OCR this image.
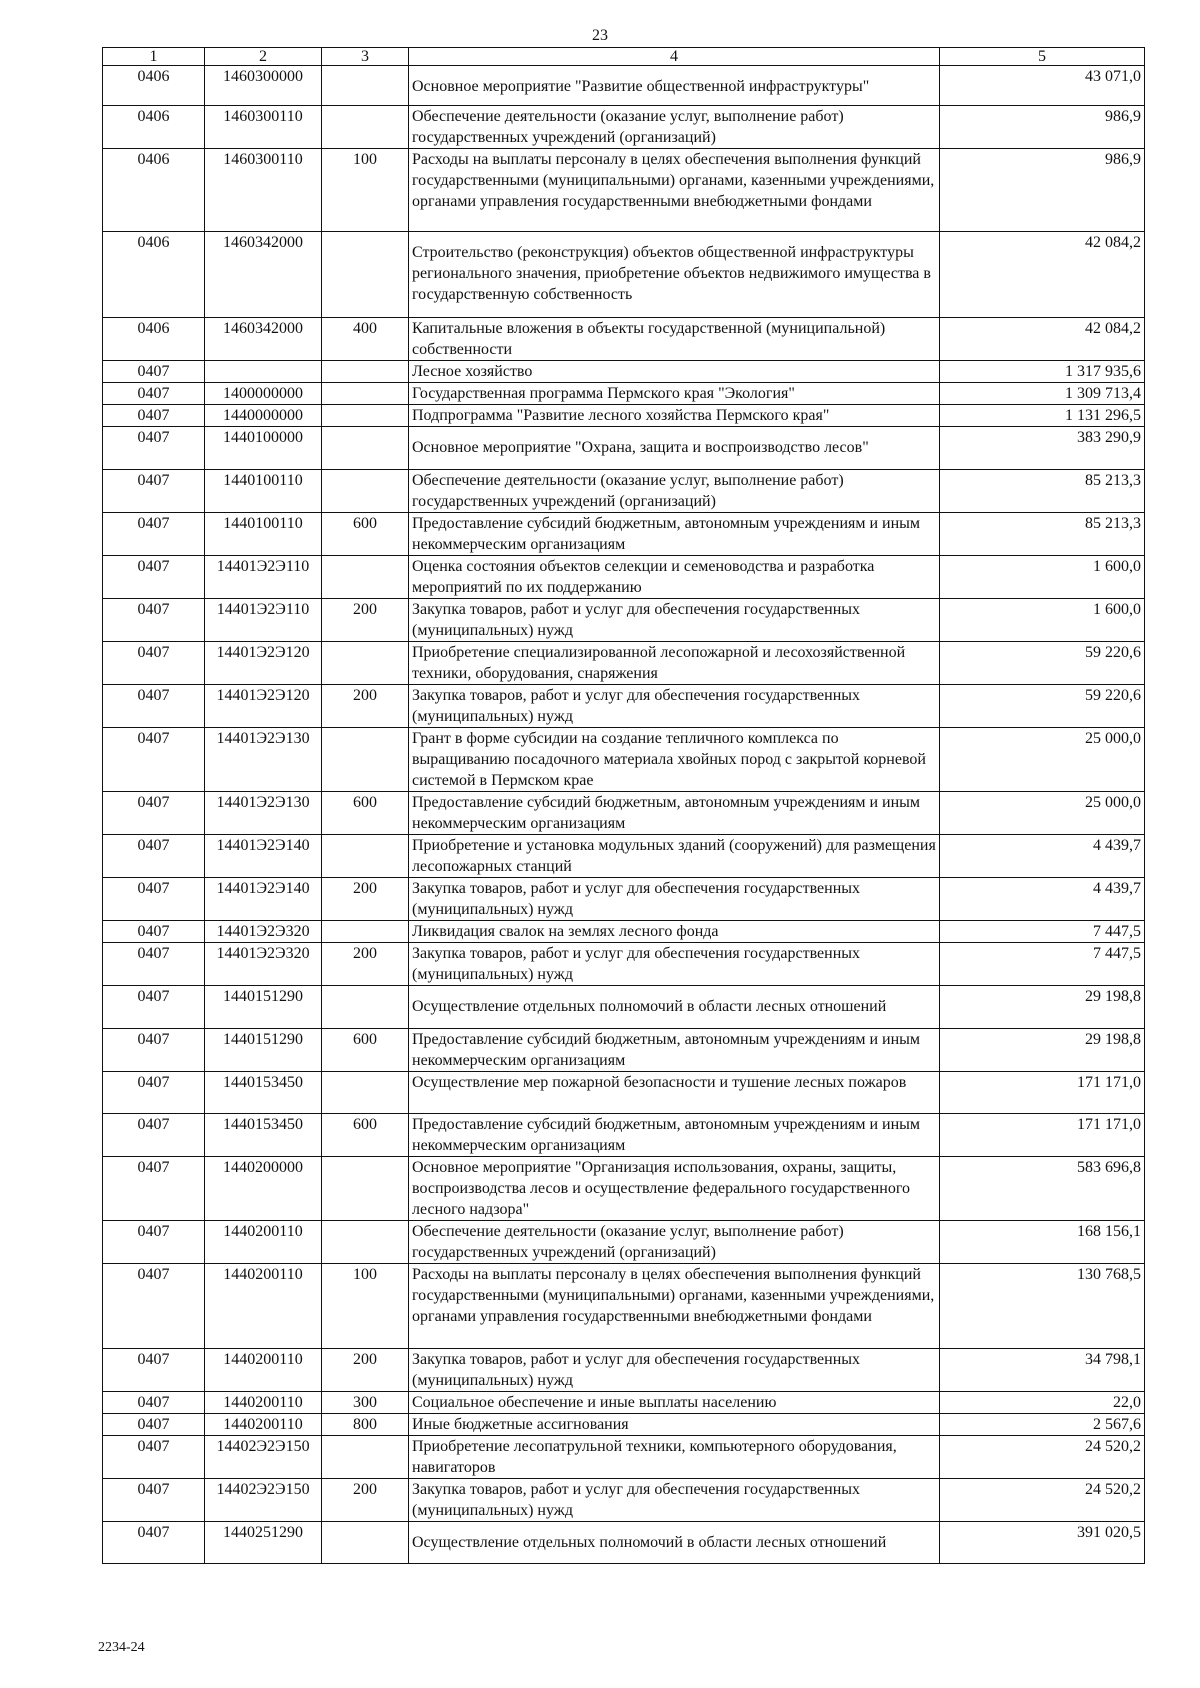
23
1	2	3	4	5
0406	1460300000		Основное мероприятие "Развитие общественной инфраструктуры"	43 071,0
0406	1460300110		Обеспечение деятельности (оказание услуг, выполнение работ) государственных учреждений (организаций)	986,9
0406	1460300110	100	Расходы на выплаты персоналу в целях обеспечения выполнения функций государственными (муниципальными) органами, казенными учреждениями, органами управления государственными внебюджетными фондами	986,9
0406	1460342000		Строительство (реконструкция) объектов общественной инфраструктуры регионального значения, приобретение объектов недвижимого имущества в государственную собственность	42 084,2
0406	1460342000	400	Капитальные вложения в объекты государственной (муниципальной) собственности	42 084,2
0407			Лесное хозяйство	1 317 935,6
0407	1400000000		Государственная программа Пермского края "Экология"	1 309 713,4
0407	1440000000		Подпрограмма "Развитие лесного хозяйства Пермского края"	1 131 296,5
0407	1440100000		Основное мероприятие "Охрана, защита и воспроизводство лесов"	383 290,9
0407	1440100110		Обеспечение деятельности (оказание услуг, выполнение работ) государственных учреждений (организаций)	85 213,3
0407	1440100110	600	Предоставление субсидий бюджетным, автономным учреждениям и иным некоммерческим организациям	85 213,3
0407	14401Э2Э110		Оценка состояния объектов селекции и семеноводства и разработка мероприятий по их поддержанию	1 600,0
0407	14401Э2Э110	200	Закупка товаров, работ и услуг для обеспечения государственных (муниципальных) нужд	1 600,0
0407	14401Э2Э120		Приобретение специализированной лесопожарной и лесохозяйственной техники, оборудования, снаряжения	59 220,6
0407	14401Э2Э120	200	Закупка товаров, работ и услуг для обеспечения государственных (муниципальных) нужд	59 220,6
0407	14401Э2Э130		Грант в форме субсидии на создание тепличного комплекса по выращиванию посадочного материала хвойных пород с закрытой корневой системой в Пермском крае	25 000,0
0407	14401Э2Э130	600	Предоставление субсидий бюджетным, автономным учреждениям и иным некоммерческим организациям	25 000,0
0407	14401Э2Э140		Приобретение и установка модульных зданий (сооружений) для размещения лесопожарных станций	4 439,7
0407	14401Э2Э140	200	Закупка товаров, работ и услуг для обеспечения государственных (муниципальных) нужд	4 439,7
0407	14401Э2Э320		Ликвидация свалок на землях лесного фонда	7 447,5
0407	14401Э2Э320	200	Закупка товаров, работ и услуг для обеспечения государственных (муниципальных) нужд	7 447,5
0407	1440151290		Осуществление отдельных полномочий в области лесных отношений	29 198,8
0407	1440151290	600	Предоставление субсидий бюджетным, автономным учреждениям и иным некоммерческим организациям	29 198,8
0407	1440153450		Осуществление мер пожарной безопасности и тушение лесных пожаров	171 171,0
0407	1440153450	600	Предоставление субсидий бюджетным, автономным учреждениям и иным некоммерческим организациям	171 171,0
0407	1440200000		Основное мероприятие "Организация использования, охраны, защиты, воспроизводства лесов и осуществление федерального государственного лесного надзора"	583 696,8
0407	1440200110		Обеспечение деятельности (оказание услуг, выполнение работ) государственных учреждений (организаций)	168 156,1
0407	1440200110	100	Расходы на выплаты персоналу в целях обеспечения выполнения функций государственными (муниципальными) органами, казенными учреждениями, органами управления государственными внебюджетными фондами	130 768,5
0407	1440200110	200	Закупка товаров, работ и услуг для обеспечения государственных (муниципальных) нужд	34 798,1
0407	1440200110	300	Социальное обеспечение и иные выплаты населению	22,0
0407	1440200110	800	Иные бюджетные ассигнования	2 567,6
0407	14402Э2Э150		Приобретение лесопатрульной техники, компьютерного оборудования, навигаторов	24 520,2
0407	14402Э2Э150	200	Закупка товаров, работ и услуг для обеспечения государственных (муниципальных) нужд	24 520,2
0407	1440251290		Осуществление отдельных полномочий в области лесных отношений	391 020,5
2234-24
